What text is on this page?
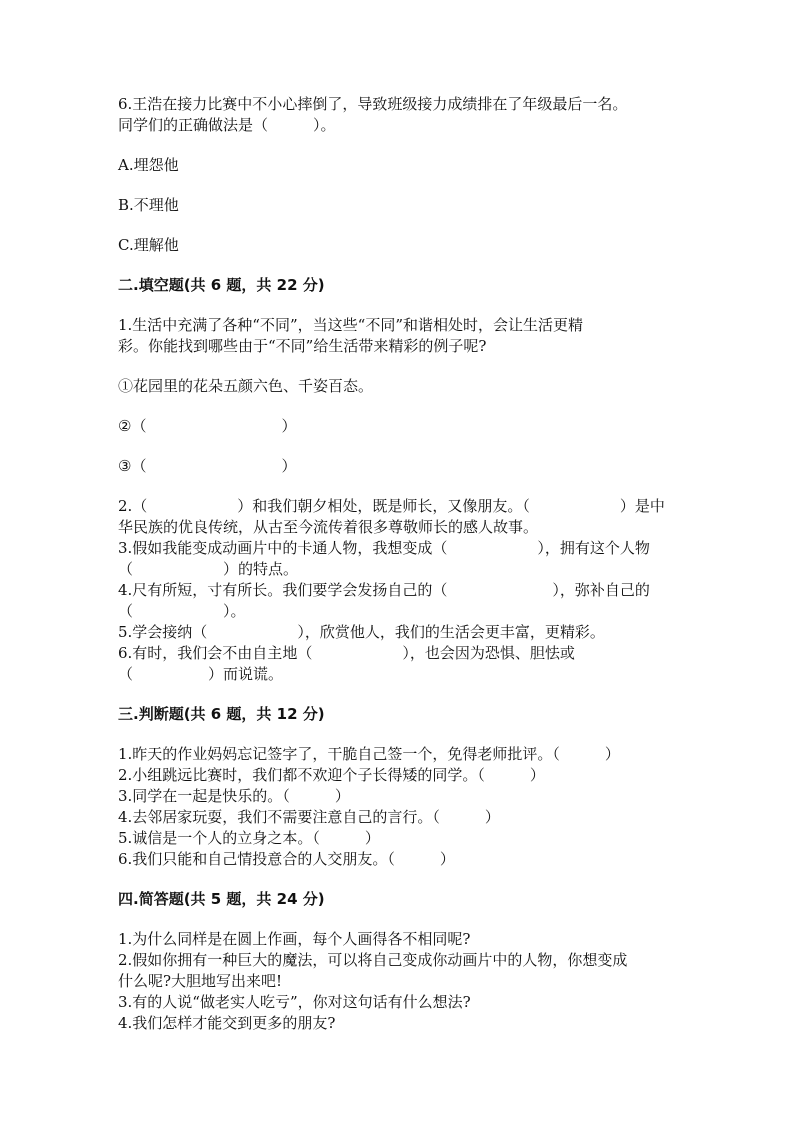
6.王浩在接力比赛中不小心摔倒了，导致班级接力成绩排在了年级最后一名。
同学们的正确做法是（　　　）。
A.埋怨他
B.不理他
C.理解他
二.填空题(共 6 题，共 22 分)
1.生活中充满了各种“不同”，当这些“不同”和谐相处时，会让生活更精
彩。你能找到哪些由于“不同”给生活带来精彩的例子呢?
①花园里的花朵五颜六色、千姿百态。
②（　　　　　　　　　）
③（　　　　　　　　　）
2.（　　　　　　）和我们朝夕相处，既是师长，又像朋友。（　　　　　　）是中
华民族的优良传统，从古至今流传着很多尊敬师长的感人故事。
3.假如我能变成动画片中的卡通人物，我想变成（　　　　　　），拥有这个人物
（　　　　　　）的特点。
4.尺有所短，寸有所长。我们要学会发扬自己的（　　　　　　　），弥补自己的
（　　　　　　）。
5.学会接纳（　　　　　　），欣赏他人，我们的生活会更丰富，更精彩。
6.有时，我们会不由自主地（　　　　　　），也会因为恐惧、胆怯或
（　　　　　）而说谎。
三.判断题(共 6 题，共 12 分)
1.昨天的作业妈妈忘记签字了，干脆自己签一个，免得老师批评。（　　　）
2.小组跳远比赛时，我们都不欢迎个子长得矮的同学。（　　　）
3.同学在一起是快乐的。（　　　）
4.去邻居家玩耍，我们不需要注意自己的言行。（　　　）
5.诚信是一个人的立身之本。（　　　）
6.我们只能和自己情投意合的人交朋友。（　　　）
四.简答题(共 5 题，共 24 分)
1.为什么同样是在圆上作画，每个人画得各不相同呢?
2.假如你拥有一种巨大的魔法，可以将自己变成你动画片中的人物，你想变成
什么呢?大胆地写出来吧!
3.有的人说“做老实人吃亏”，你对这句话有什么想法?
4.我们怎样才能交到更多的朋友?
